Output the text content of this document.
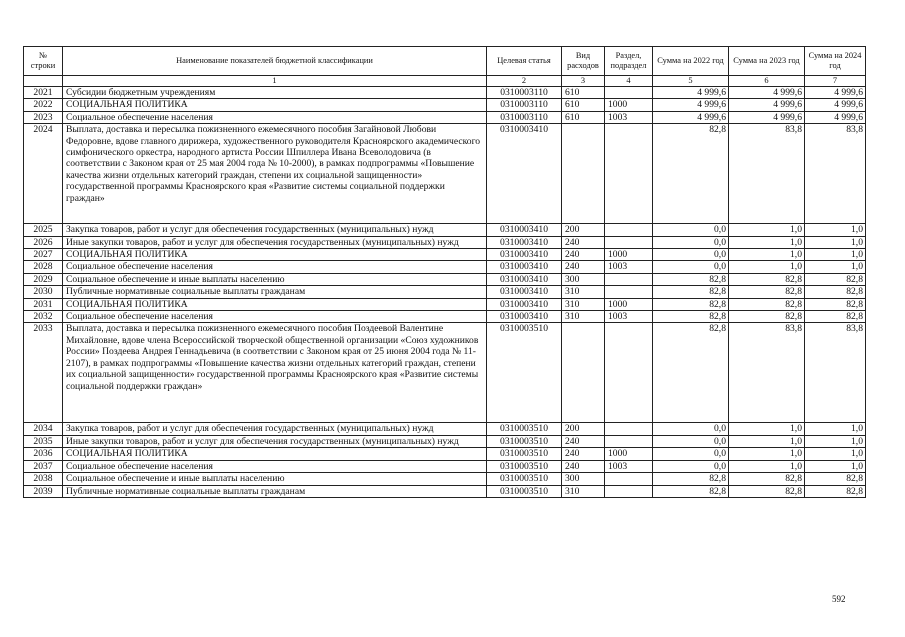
№ строки	Наименование показателей бюджетной классификации	Целевая статья	Вид расходов	Раздел, подраздел	Сумма на 2022 год	Сумма на 2023 год	Сумма на 2024 год
	1	2	3	4	5	6	7
2021	Субсидии бюджетным учреждениям	0310003110	610		4 999,6	4 999,6	4 999,6
2022	СОЦИАЛЬНАЯ ПОЛИТИКА	0310003110	610	1000	4 999,6	4 999,6	4 999,6
2023	Социальное обеспечение населения	0310003110	610	1003	4 999,6	4 999,6	4 999,6
2024	Выплата, доставка и пересылка пожизненного ежемесячного пособия Загайновой Любови Федоровне, вдове главного дирижера, художественного руководителя Красноярского академического симфонического оркестра, народного артиста России Шпиллера Ивана Всеволодовича (в соответствии с Законом края от 25 мая 2004 года № 10-2000), в рамках подпрограммы «Повышение качества жизни отдельных категорий граждан, степени их социальной защищенности» государственной программы Красноярского края «Развитие системы социальной поддержки граждан»	0310003410			82,8	83,8	83,8
2025	Закупка товаров, работ и услуг для обеспечения государственных (муниципальных) нужд	0310003410	200		0,0	1,0	1,0
2026	Иные закупки товаров, работ и услуг для обеспечения государственных (муниципальных) нужд	0310003410	240		0,0	1,0	1,0
2027	СОЦИАЛЬНАЯ ПОЛИТИКА	0310003410	240	1000	0,0	1,0	1,0
2028	Социальное обеспечение населения	0310003410	240	1003	0,0	1,0	1,0
2029	Социальное обеспечение и иные выплаты населению	0310003410	300		82,8	82,8	82,8
2030	Публичные нормативные социальные выплаты гражданам	0310003410	310		82,8	82,8	82,8
2031	СОЦИАЛЬНАЯ ПОЛИТИКА	0310003410	310	1000	82,8	82,8	82,8
2032	Социальное обеспечение населения	0310003410	310	1003	82,8	82,8	82,8
2033	Выплата, доставка и пересылка пожизненного ежемесячного пособия Поздеевой Валентине Михайловне, вдове члена Всероссийской творческой общественной организации «Союз художников России» Поздеева Андрея Геннадьевича (в соответствии с Законом края от 25 июня 2004 года № 11-2107), в рамках подпрограммы «Повышение качества жизни отдельных категорий граждан, степени их социальной защищенности» государственной программы Красноярского края «Развитие системы социальной поддержки граждан»	0310003510			82,8	83,8	83,8
2034	Закупка товаров, работ и услуг для обеспечения государственных (муниципальных) нужд	0310003510	200		0,0	1,0	1,0
2035	Иные закупки товаров, работ и услуг для обеспечения государственных (муниципальных) нужд	0310003510	240		0,0	1,0	1,0
2036	СОЦИАЛЬНАЯ ПОЛИТИКА	0310003510	240	1000	0,0	1,0	1,0
2037	Социальное обеспечение населения	0310003510	240	1003	0,0	1,0	1,0
2038	Социальное обеспечение и иные выплаты населению	0310003510	300		82,8	82,8	82,8
2039	Публичные нормативные социальные выплаты гражданам	0310003510	310		82,8	82,8	82,8
592
